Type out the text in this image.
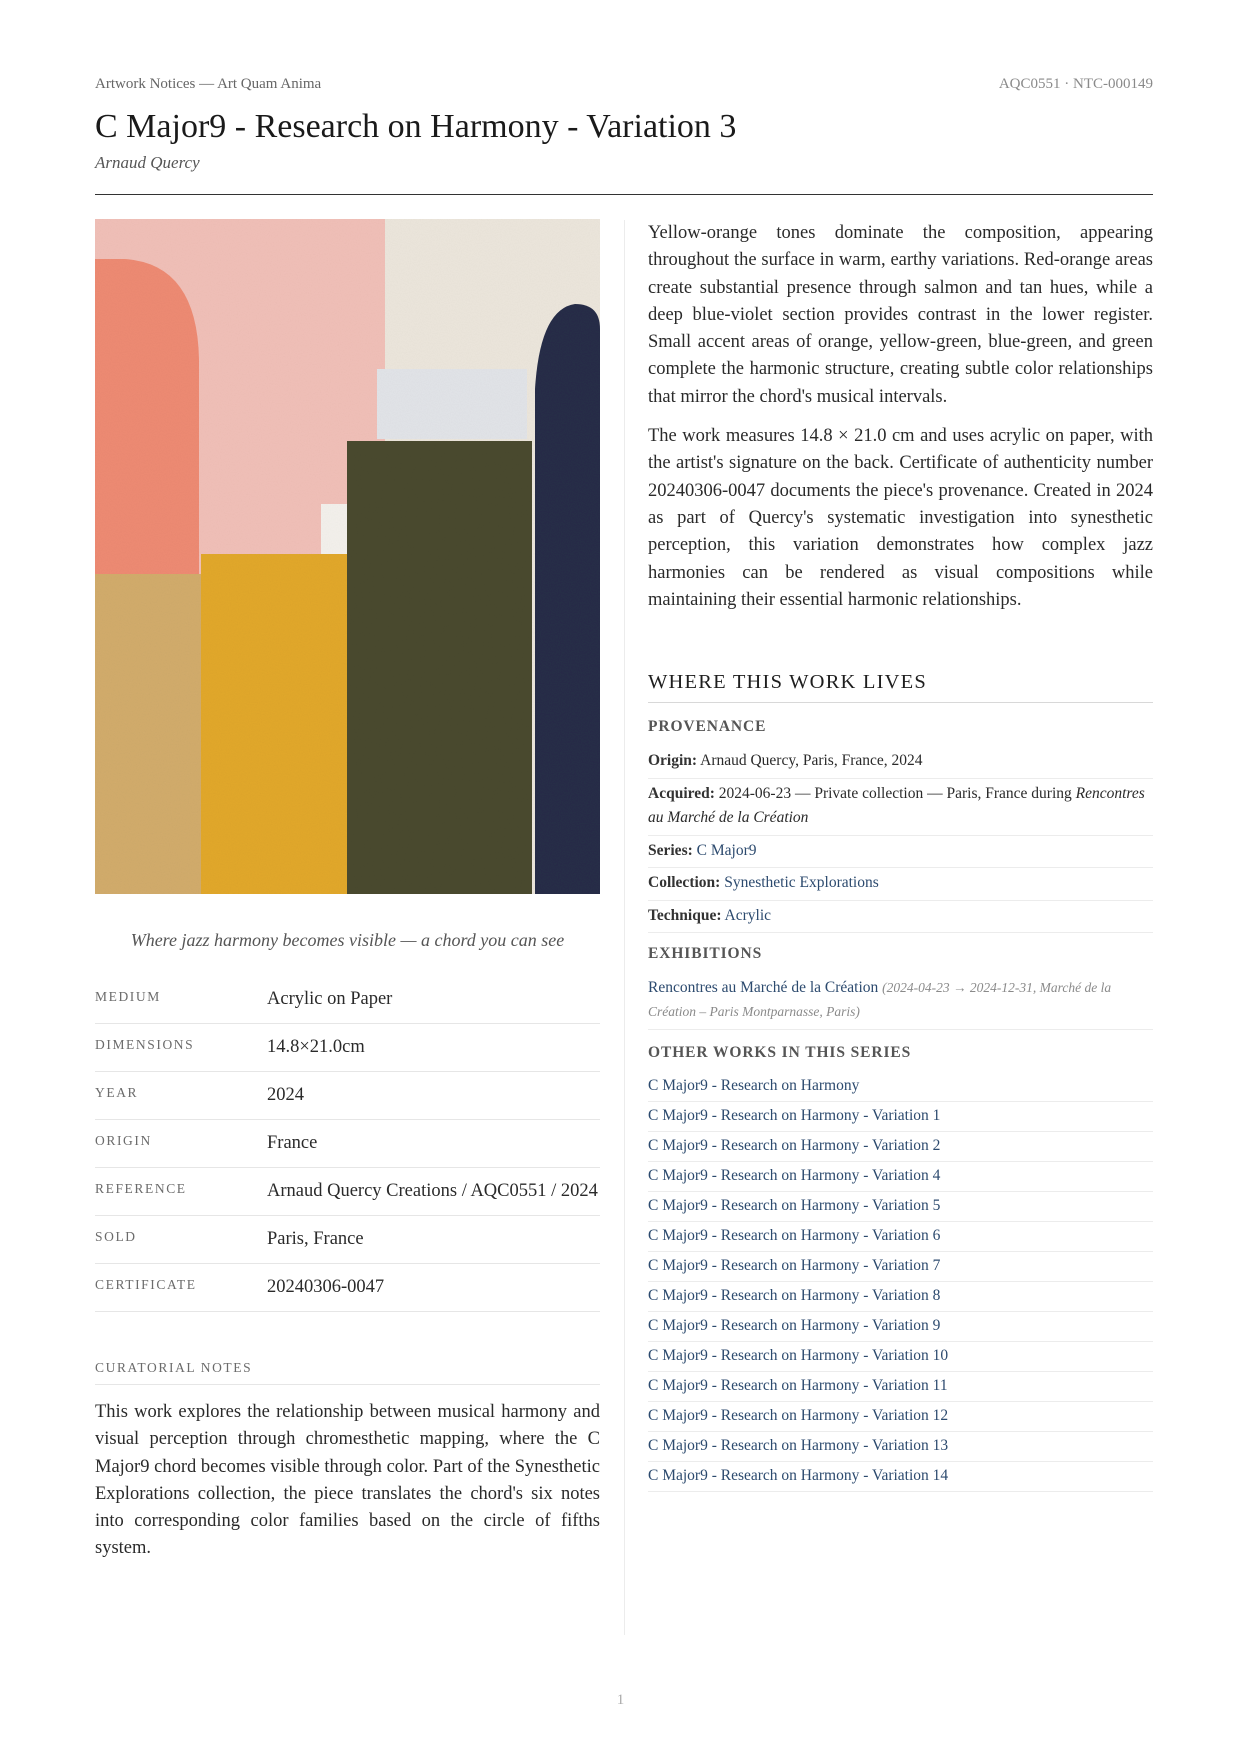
Artwork Notices — Art Quam Anima	AQC0551 · NTC-000149
C Major9 - Research on Harmony - Variation 3
Arnaud Quercy
Where jazz harmony becomes visible — a chord you can see
MEDIUM	Acrylic on Paper
DIMENSIONS	14.8×21.0cm
YEAR	2024
ORIGIN	France
REFERENCE	Arnaud Quercy Creations / AQC0551 / 2024
SOLD	Paris, France
CERTIFICATE	20240306-0047
CURATORIAL NOTES

This work explores the relationship between musical harmony and visual perception through chromesthetic mapping, where the C Major9 chord becomes visible through color. Part of the Synesthetic Explorations collection, the piece translates the chord's six notes into corresponding color families based on the circle of fifths system.

Yellow-orange tones dominate the composition, appearing throughout the surface in warm, earthy variations. Red-orange areas create substantial presence through salmon and tan hues, while a deep blue-violet section provides contrast in the lower register. Small accent areas of orange, yellow-green, blue-green, and green complete the harmonic structure, creating subtle color relationships that mirror the chord's musical intervals.

The work measures 14.8 × 21.0 cm and uses acrylic on paper, with the artist's signature on the back. Certificate of authenticity number 20240306-0047 documents the piece's provenance. Created in 2024 as part of Quercy's systematic investigation into synesthetic perception, this variation demonstrates how complex jazz harmonies can be rendered as visual compositions while maintaining their essential harmonic relationships.

WHERE THIS WORK LIVES
PROVENANCE
Origin: Arnaud Quercy, Paris, France, 2024
Acquired: 2024-06-23 — Private collection — Paris, France during Rencontres au Marché de la Création
Series: C Major9
Collection: Synesthetic Explorations
Technique: Acrylic
EXHIBITIONS
Rencontres au Marché de la Création (2024-04-23 → 2024-12-31, Marché de la Création – Paris Montparnasse, Paris)
OTHER WORKS IN THIS SERIES
C Major9 - Research on Harmony
C Major9 - Research on Harmony - Variation 1
C Major9 - Research on Harmony - Variation 2
C Major9 - Research on Harmony - Variation 4
C Major9 - Research on Harmony - Variation 5
C Major9 - Research on Harmony - Variation 6
C Major9 - Research on Harmony - Variation 7
C Major9 - Research on Harmony - Variation 8
C Major9 - Research on Harmony - Variation 9
C Major9 - Research on Harmony - Variation 10
C Major9 - Research on Harmony - Variation 11
C Major9 - Research on Harmony - Variation 12
C Major9 - Research on Harmony - Variation 13
C Major9 - Research on Harmony - Variation 14
1
